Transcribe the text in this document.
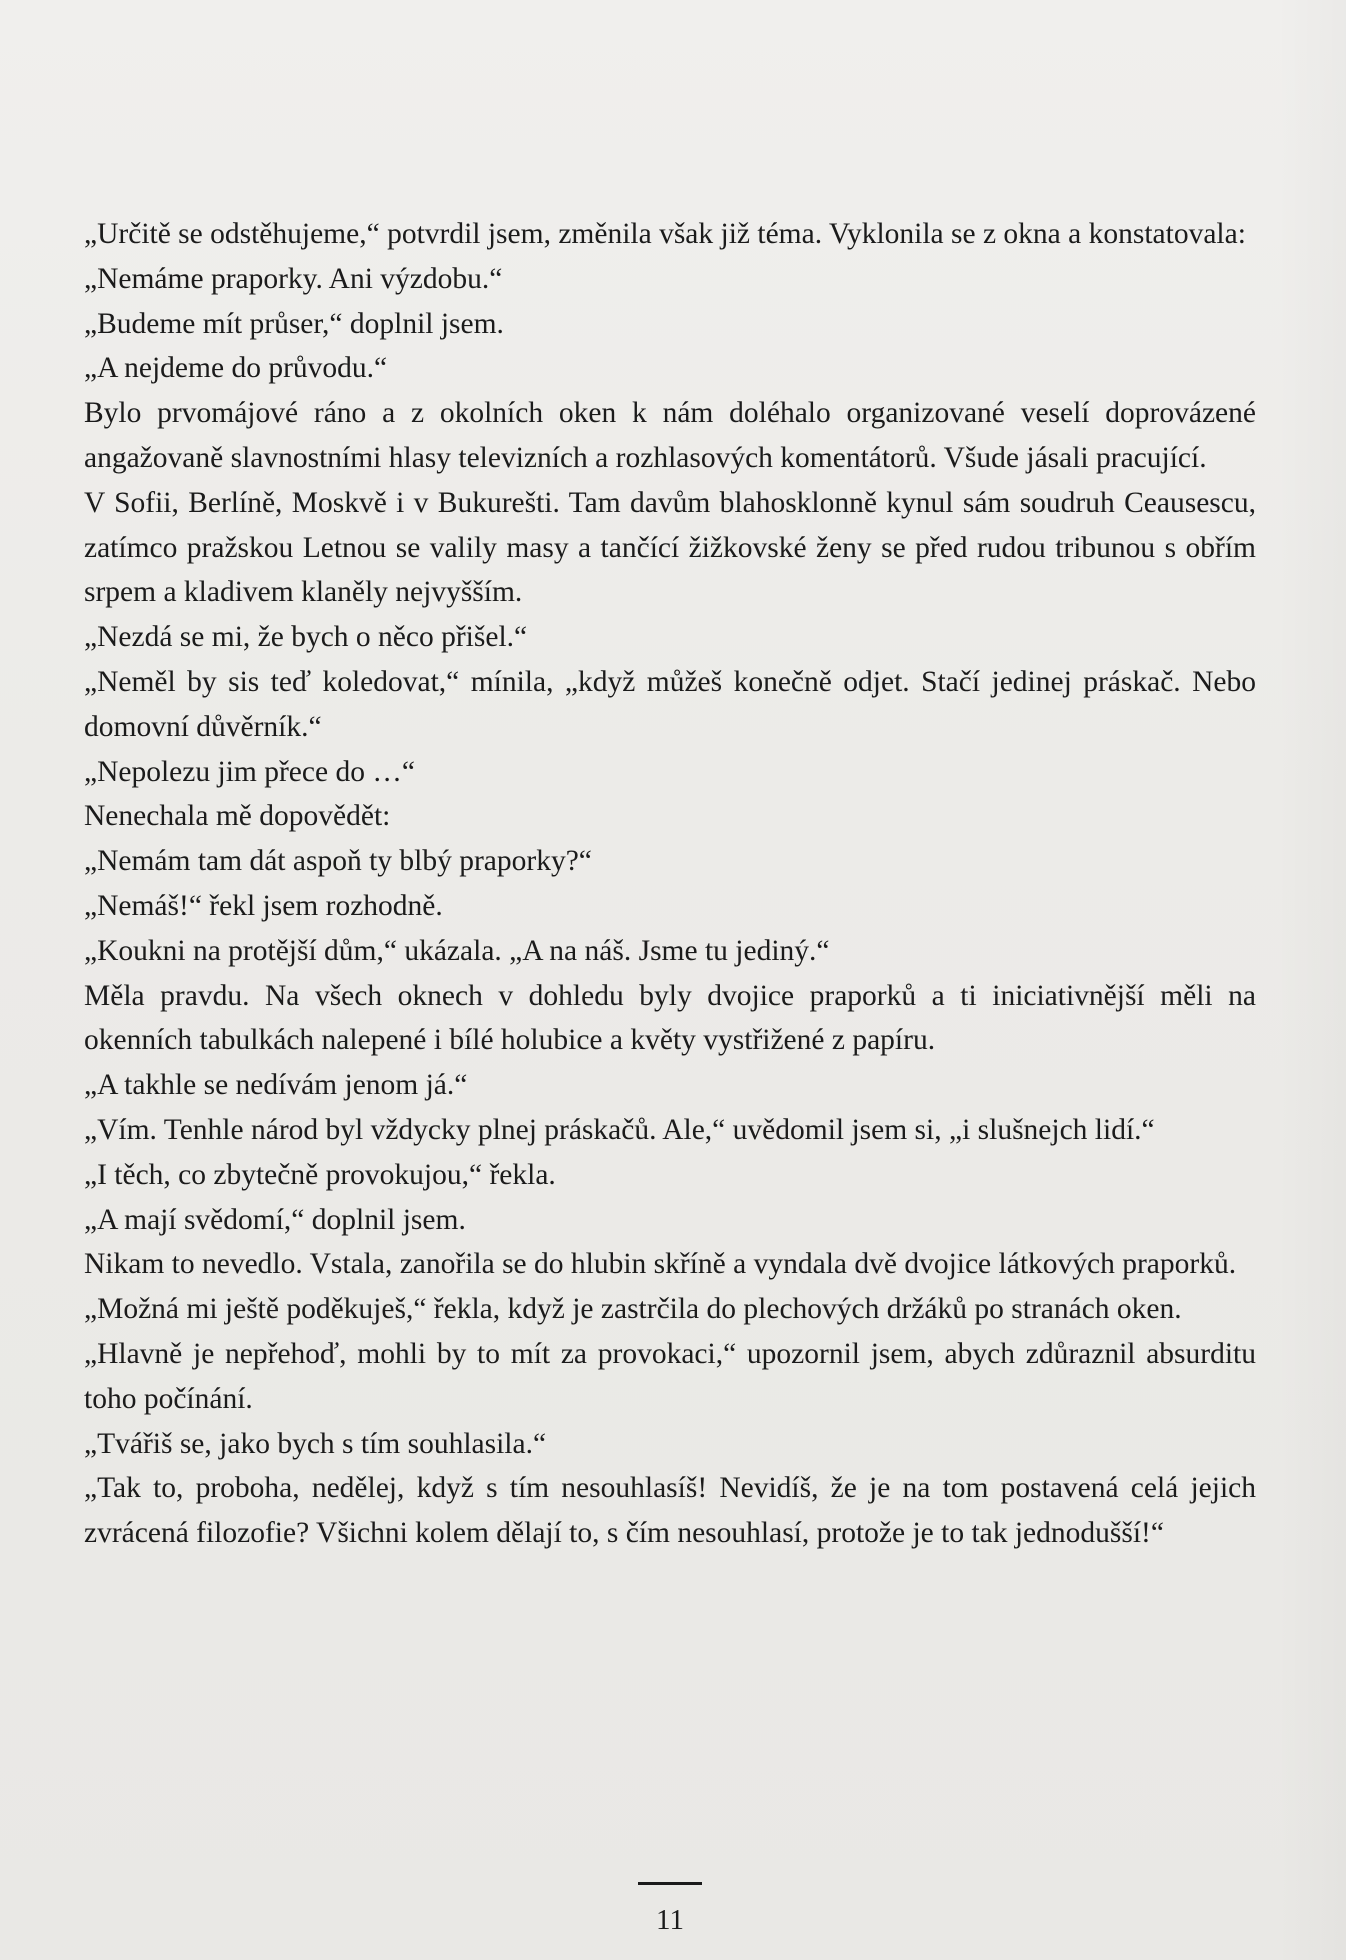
„Určitě se odstěhujeme,“ potvrdil jsem, změnila však již téma. Vyklonila se z okna a konstatovala:

„Nemáme praporky. Ani výzdobu.“

„Budeme mít průser,“ doplnil jsem.

„A nejdeme do průvodu.“

Bylo prvomájové ráno a z okolních oken k nám doléhalo organizované veselí doprovázené angažovaně slavnostními hlasy televizních a rozhlasových komentátorů. Všude jásali pracující.

V Sofii, Berlíně, Moskvě i v Bukurešti. Tam davům blahosklonně kynul sám soudruh Ceausescu, zatímco pražskou Letnou se valily masy a tančící žižkovské ženy se před rudou tribunou s obřím srpem a kladivem klaněly nejvyšším.

„Nezdá se mi, že bych o něco přišel.“

„Neměl by sis teď koledovat,“ mínila, „když můžeš konečně odjet. Stačí jedinej práskač. Nebo domovní důvěrník.“

„Nepolezu jim přece do …“

Nenechala mě dopovědět:

„Nemám tam dát aspoň ty blbý praporky?“

„Nemáš!“ řekl jsem rozhodně.

„Koukni na protější dům,“ ukázala. „A na náš. Jsme tu jediný.“

Měla pravdu. Na všech oknech v dohledu byly dvojice praporků a ti iniciativnější měli na okenních tabulkách nalepené i bílé holubice a květy vystřižené z papíru.

„A takhle se nedívám jenom já.“

„Vím. Tenhle národ byl vždycky plnej práskačů. Ale,“ uvědomil jsem si, „i slušnejch lidí.“

„I těch, co zbytečně provokujou,“ řekla.

„A mají svědomí,“ doplnil jsem.

Nikam to nevedlo. Vstala, zanořila se do hlubin skříně a vyndala dvě dvojice látkových praporků.

„Možná mi ještě poděkuješ,“ řekla, když je zastrčila do plechových držáků po stranách oken.

„Hlavně je nepřehoď, mohli by to mít za provokaci,“ upozornil jsem, abych zdůraznil absurditu toho počínání.

„Tvářiš se, jako bych s tím souhlasila.“

„Tak to, proboha, nedělej, když s tím nesouhlasíš! Nevidíš, že je na tom postavená celá jejich zvrácená filozofie? Všichni kolem dělají to, s čím nesouhlasí, protože je to tak jednodušší!“

11
